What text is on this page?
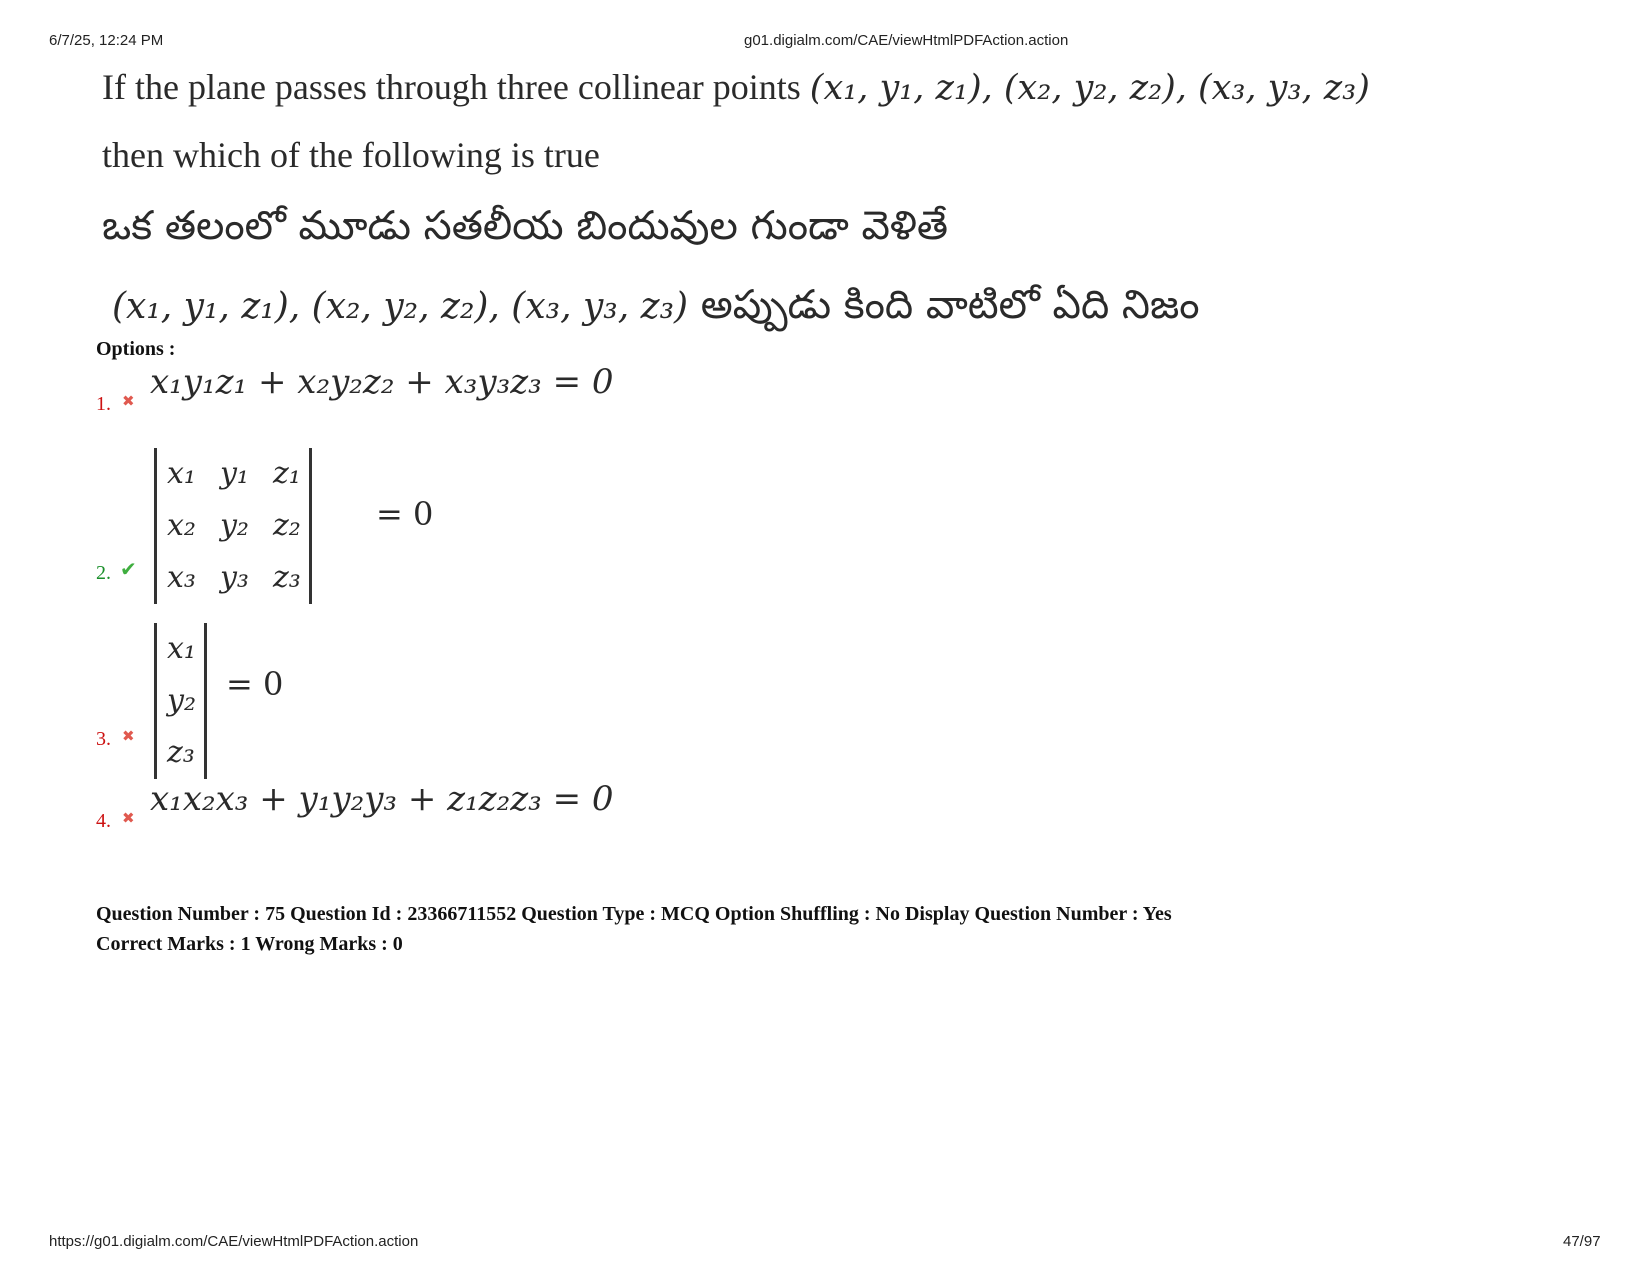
6/7/25, 12:24 PM	g01.digialm.com/CAE/viewHtmlPDFAction.action
If the plane passes through three collinear points (x₁, y₁, z₁), (x₂, y₂, z₂), (x₃, y₃, z₃)
then which of the following is true
ఒక తలంలో మూడు సతలీయ బిందువుల గుండా వెళితే
(x₁, y₁, z₁), (x₂, y₂, z₂), (x₃, y₃, z₃) అప్పుడు కింది వాటిలో ఏది నిజం
Options :
1. ✖ x₁y₁z₁ + x₂y₂z₂ + x₃y₃z₃ = 0
x₁	y₁	z₁
x₂	y₂	z₂
x₃	y₃	z₃
= 0
2. ✔
x₁
y₂
z₃
= 0
3. ✖
4. ✖ x₁x₂x₃ + y₁y₂y₃ + z₁z₂z₃ = 0
Question Number : 75 Question Id : 23366711552 Question Type : MCQ Option Shuffling : No Display Question Number : Yes
Correct Marks : 1 Wrong Marks : 0
https://g01.digialm.com/CAE/viewHtmlPDFAction.action	47/97
